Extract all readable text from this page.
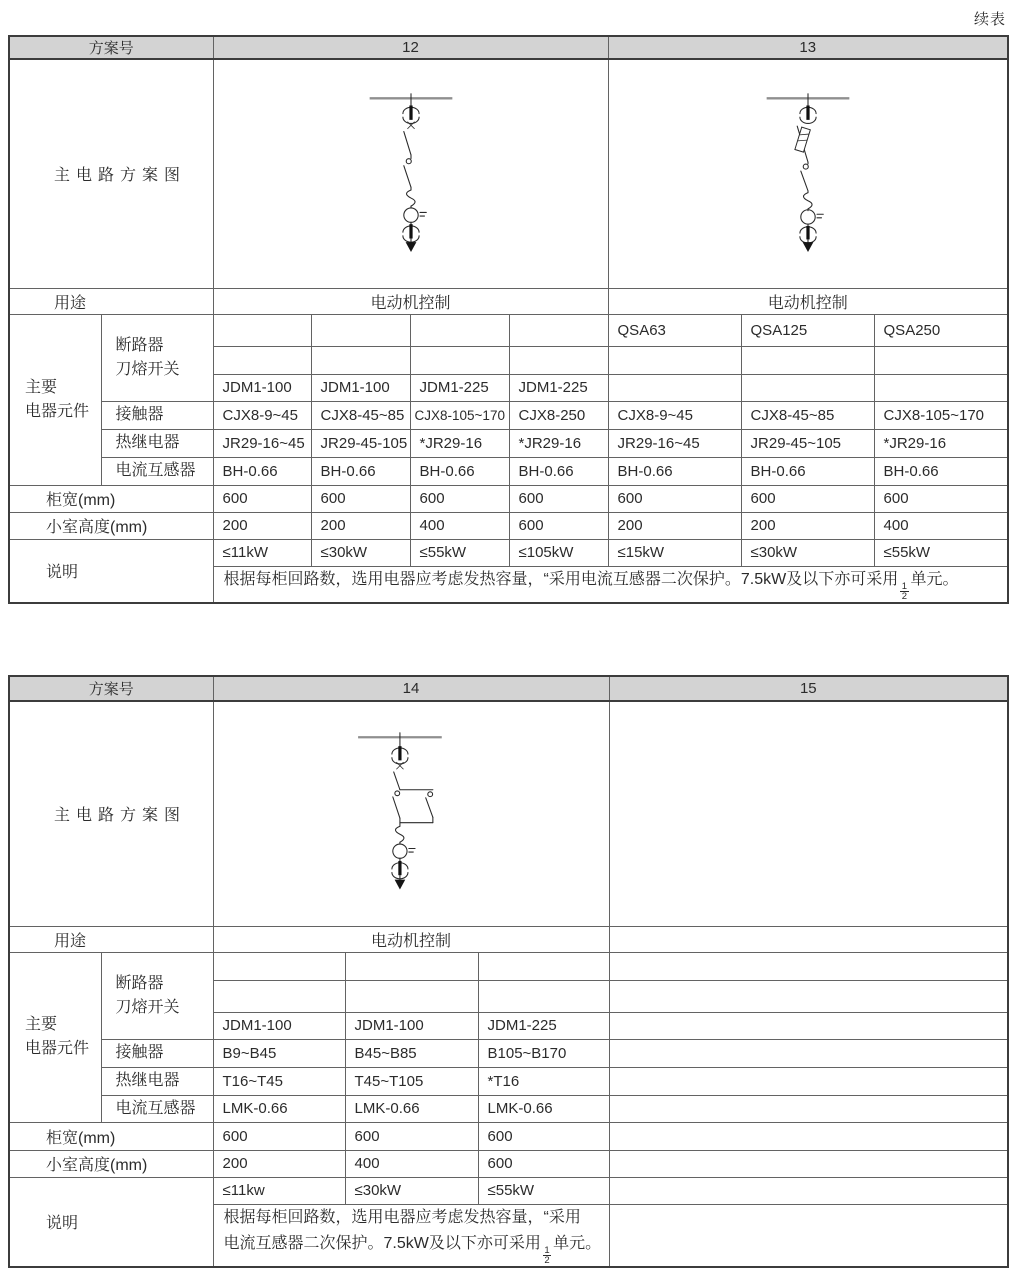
续表
方案号		12				13		
主电路方案图		
用途		电动机控制				电动机控制		
主要
电器元件	断路器
刀熔开关					QSA63	QSA125	QSA250

		JDM1-100	JDM1-100	JDM1-225	JDM1-225			
	接触器	CJX8-9~45	CJX8-45~85	CJX8-105~170	CJX8-250	CJX8-9~45	CJX8-45~85	CJX8-105~170
	热继电器	JR29-16~45	JR29-45-105	*JR29-16	*JR29-16	JR29-16~45	JR29-45~105	*JR29-16
	电流互感器	BH-0.66	BH-0.66	BH-0.66	BH-0.66	BH-0.66	BH-0.66	BH-0.66
柜宽(mm)		600	600	600	600	600	600	600
小室高度(mm)		200	200	400	600	200	200	400
说明		≤11kW	≤30kW	≤55kW	≤105kW	≤15kW	≤30kW	≤55kW
		根据每柜回路数，选用电器应考虑发热容量，“采用电流互感器二次保护。7.5kW及以下亦可采用
$\frac{1}{2}$
单元。						
方案号		14			15
主电路方案图		
用途		电动机控制			
主要
电器元件	断路器
刀熔开关				

		JDM1-100	JDM1-100	JDM1-225	
	接触器	B9~B45	B45~B85	B105~B170	
	热继电器	T16~T45	T45~T105	*T16	
	电流互感器	LMK-0.66	LMK-0.66	LMK-0.66	
柜宽(mm)		600	600	600	
小室高度(mm)		200	400	600	
说明		≤11kw	≤30kW	≤55kW	
		根据每柜回路数，选用电器应考虑发热容量，“采用
电流互感器二次保护。7.5kW及以下亦可采用
$\frac{1}{2}$
单元。			
